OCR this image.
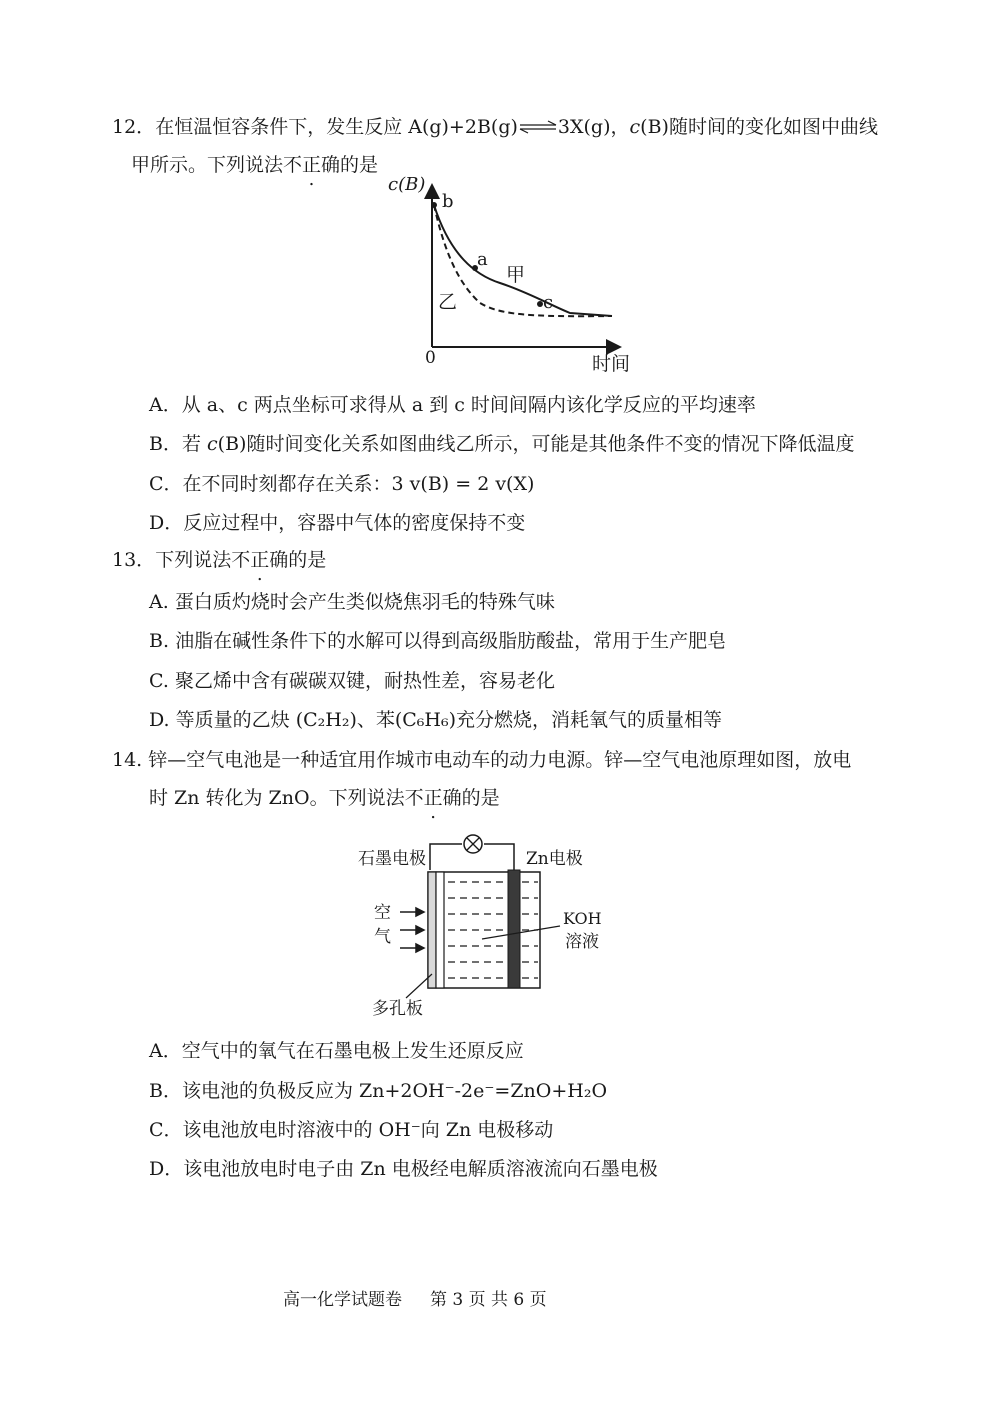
12．在恒温恒容条件下，发生反应 A(g)+2B(g)⇌3X(g)，c(B)随时间的变化如图中曲线
甲所示。下列说法不正确的是
c(B)
b
a
甲
c
乙
0	时间
A．从 a、c 两点坐标可求得从 a 到 c 时间间隔内该化学反应的平均速率
B．若 c(B)随时间变化关系如图曲线乙所示，可能是其他条件不变的情况下降低温度
C．在不同时刻都存在关系：3 v(B) = 2 v(X)
D．反应过程中，容器中气体的密度保持不变
13．下列说法不正确的是
A. 蛋白质灼烧时会产生类似烧焦羽毛的特殊气味
B. 油脂在碱性条件下的水解可以得到高级脂肪酸盐，常用于生产肥皂
C. 聚乙烯中含有碳碳双键，耐热性差，容易老化
D. 等质量的乙炔 (C₂H₂)、苯(C₆H₆)充分燃烧，消耗氧气的质量相等
14. 锌—空气电池是一种适宜用作城市电动车的动力电源。锌—空气电池原理如图，放电
时 Zn 转化为 ZnO。下列说法不正确的是
石墨电极	Zn电极
空
气
KOH
溶液
多孔板
A．空气中的氧气在石墨电极上发生还原反应
B．该电池的负极反应为 Zn+2OH⁻-2e⁻=ZnO+H₂O
C．该电池放电时溶液中的 OH⁻向 Zn 电极移动
D．该电池放电时电子由 Zn 电极经电解质溶液流向石墨电极
高一化学试题卷 第 3 页 共 6 页
